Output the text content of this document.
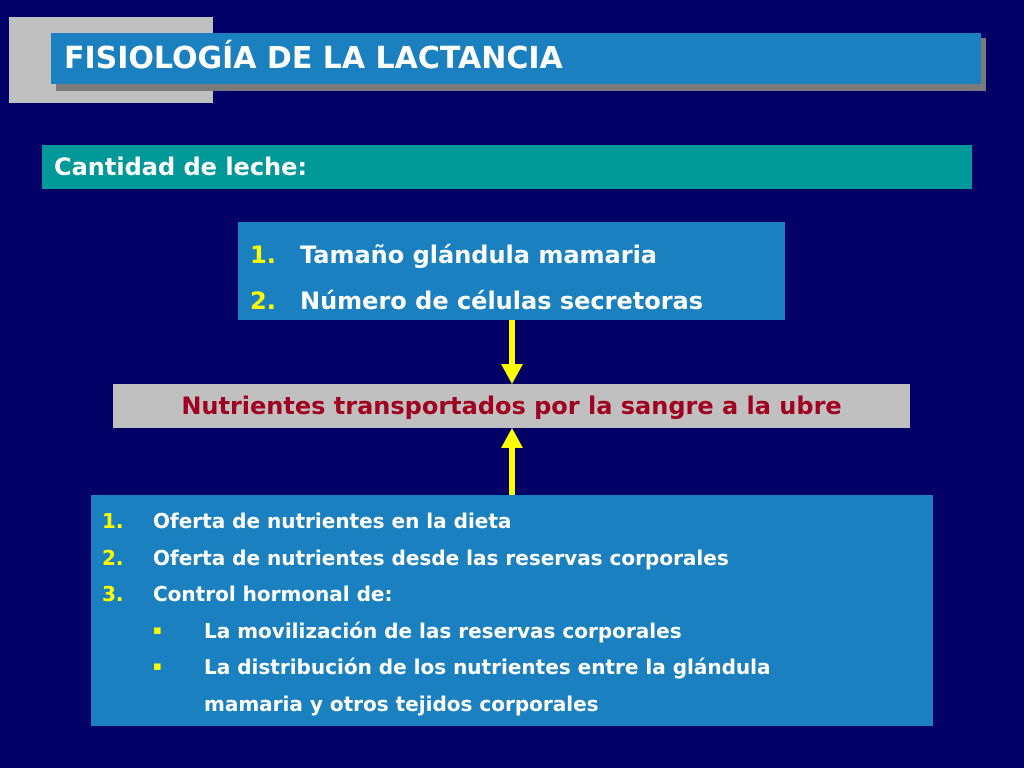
FISIOLOGÍA DE LA LACTANCIA
Cantidad de leche:
1. Tamaño glándula mamaria
2. Número de células secretoras
Nutrientes transportados por la sangre a la ubre
1. Oferta de nutrientes en la dieta
2. Oferta de nutrientes desde las reservas corporales
3. Control hormonal de:
▪ La movilización de las reservas corporales
▪ La distribución de los nutrientes entre la glándula
mamaria y otros tejidos corporales
